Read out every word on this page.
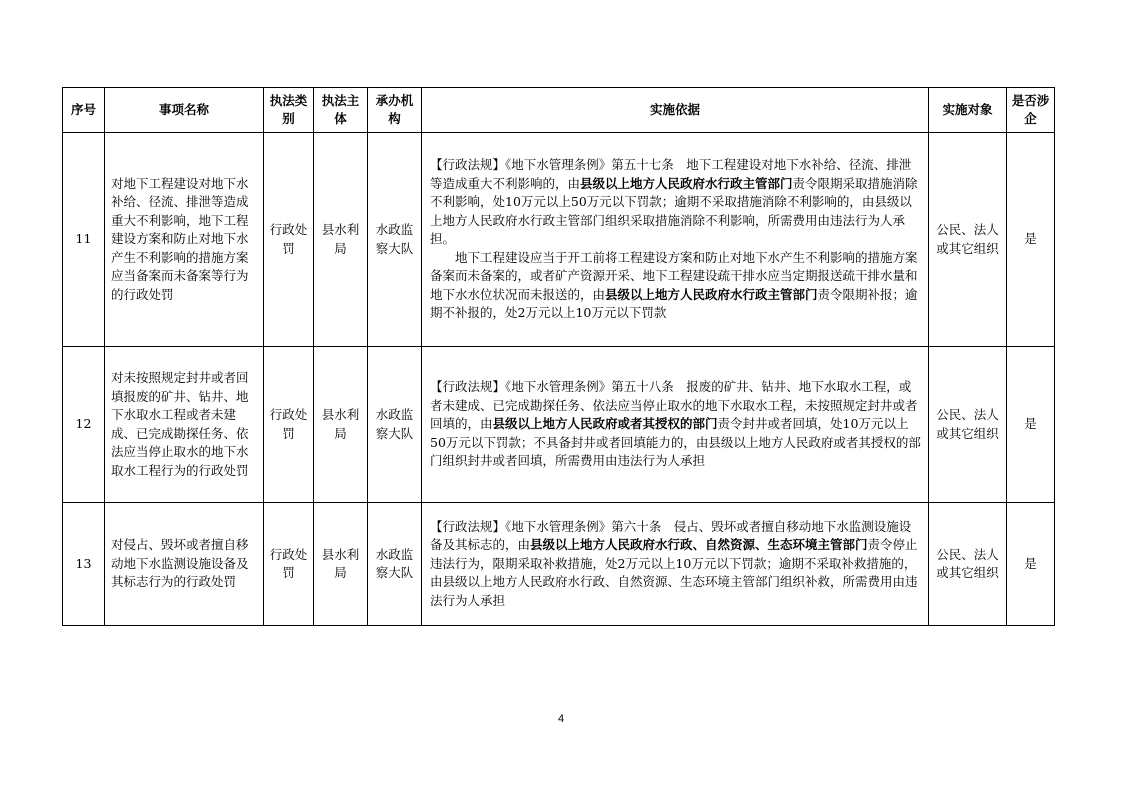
序号	事项名称	执法类别	执法主体	承办机构	实施依据	实施对象	是否涉企
11	对地下工程建设对地下水补给、径流、排泄等造成重大不利影响，地下工程建设方案和防止对地下水产生不利影响的措施方案应当备案而未备案等行为的行政处罚	行政处罚	县水利局	水政监察大队	【行政法规】《地下水管理条例》第五十七条　地下工程建设对地下水补给、径流、排泄等造成重大不利影响的，由县级以上地方人民政府水行政主管部门责令限期采取措施消除不利影响，处10万元以上50万元以下罚款；逾期不采取措施消除不利影响的，由县级以上地方人民政府水行政主管部门组织采取措施消除不利影响，所需费用由违法行为人承担。
地下工程建设应当于开工前将工程建设方案和防止对地下水产生不利影响的措施方案备案而未备案的，或者矿产资源开采、地下工程建设疏干排水应当定期报送疏干排水量和地下水水位状况而未报送的，由县级以上地方人民政府水行政主管部门责令限期补报；逾期不补报的，处2万元以上10万元以下罚款	公民、法人或其它组织	是
12	对未按照规定封井或者回填报废的矿井、钻井、地下水取水工程或者未建成、已完成勘探任务、依法应当停止取水的地下水取水工程行为的行政处罚	行政处罚	县水利局	水政监察大队	【行政法规】《地下水管理条例》第五十八条　报废的矿井、钻井、地下水取水工程，或者未建成、已完成勘探任务、依法应当停止取水的地下水取水工程，未按照规定封井或者回填的，由县级以上地方人民政府或者其授权的部门责令封井或者回填，处10万元以上50万元以下罚款；不具备封井或者回填能力的，由县级以上地方人民政府或者其授权的部门组织封井或者回填，所需费用由违法行为人承担	公民、法人或其它组织	是
13	对侵占、毁坏或者擅自移动地下水监测设施设备及其标志行为的行政处罚	行政处罚	县水利局	水政监察大队	【行政法规】《地下水管理条例》第六十条　侵占、毁坏或者擅自移动地下水监测设施设备及其标志的，由县级以上地方人民政府水行政、自然资源、生态环境主管部门责令停止违法行为，限期采取补救措施，处2万元以上10万元以下罚款；逾期不采取补救措施的，由县级以上地方人民政府水行政、自然资源、生态环境主管部门组织补救，所需费用由违法行为人承担	公民、法人或其它组织	是
4
